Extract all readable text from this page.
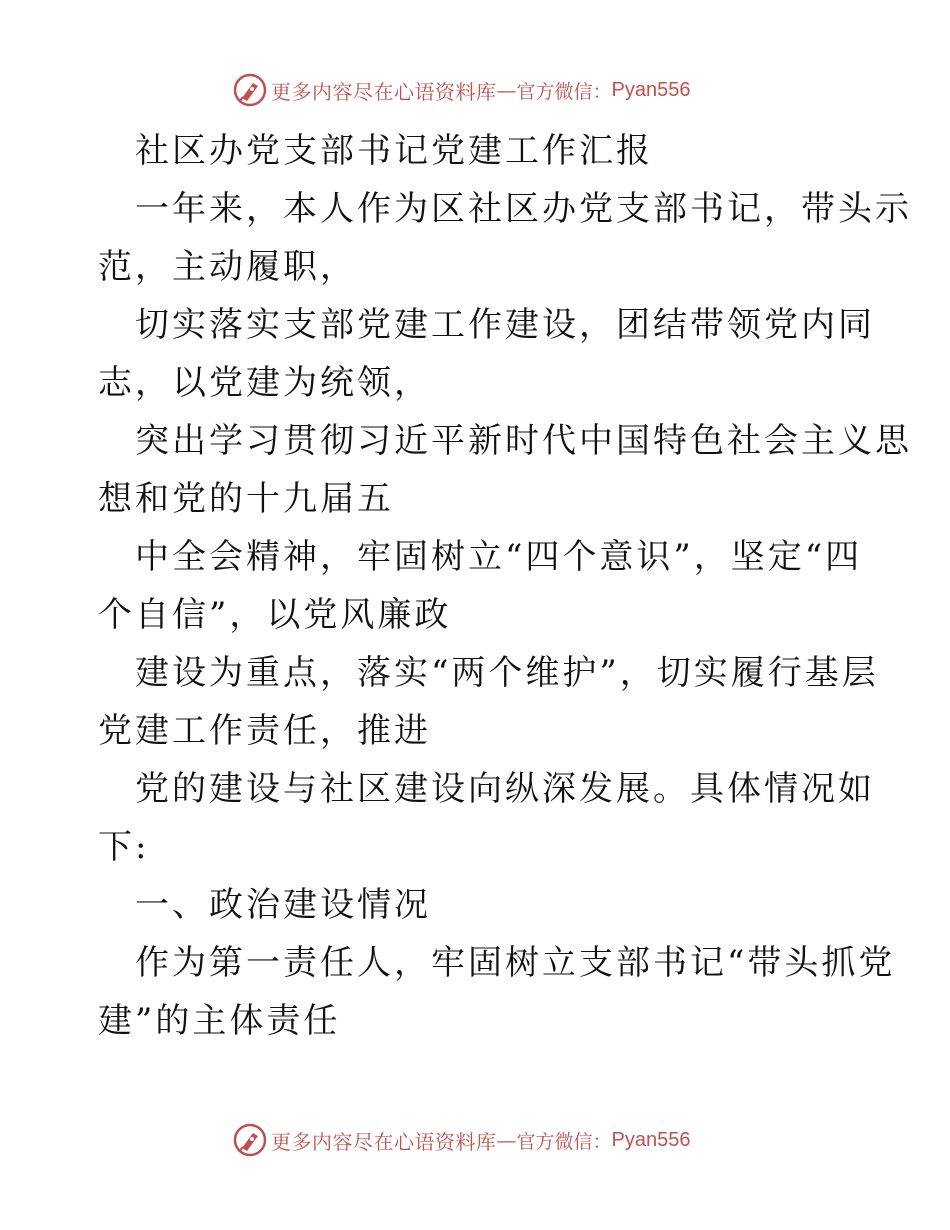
更多内容尽在心语资料库 — 官方微信： Pyan556
社区办党支部书记党建工作汇报
一年来，本人作为区社区办党支部书记，带头示
范，主动履职，
切实落实支部党建工作建设，团结带领党内同
志，以党建为统领，
突出学习贯彻习近平新时代中国特色社会主义思
想和党的十九届五
中全会精神，牢固树立“四个意识”，坚定“四
个自信”，以党风廉政
建设为重点，落实“两个维护”，切实履行基层
党建工作责任，推进
党的建设与社区建设向纵深发展。具体情况如
下:
一、政治建设情况
作为第一责任人，牢固树立支部书记“带头抓党
建”的主体责任
更多内容尽在心语资料库 — 官方微信： Pyan556
